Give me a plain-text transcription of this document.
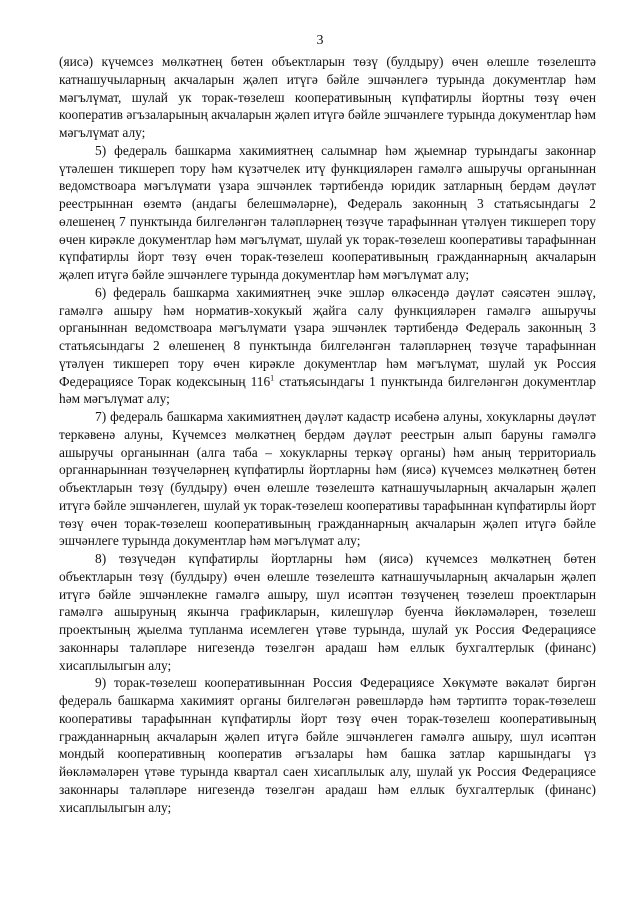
3

(яисә) күчемсез мөлкәтнең бөтен объектларын төзү (булдыру) өчен өлешле төзелештә катнашучыларның акчаларын җәлеп итүгә бәйле эшчәнлегә турында документлар һәм мәгълүмат, шулай ук торак-төзелеш кооперативының күпфатирлы йортны төзү өчен кооператив әгъзаларының акчаларын җәлеп итүгә бәйле эшчәнлеге турында документлар һәм мәгълүмат алу;

5) федераль башкарма хакимиятнең салымнар һәм җыемнар турындагы законнар үтәлешен тикшереп тору һәм күзәтчелек итү функцияләрен гамәлгә ашыручы органыннан ведомствоара мәгълүмати үзара эшчәнлек тәртибендә юридик затларның бердәм дәүләт реестрыннан өземтә (андагы белешмәләрне), Федераль законның 3 статьясындагы 2 өлешенең 7 пунктында билгеләнгән таләпләрнең төзүче тарафыннан үтәлүен тикшереп тору өчен кирәкле документлар һәм мәгълүмат, шулай ук торак-төзелеш кооперативы тарафыннан күпфатирлы йорт төзү өчен торак-төзелеш кооперативының гражданнарның акчаларын җәлеп итүгә бәйле эшчәнлеге турында документлар һәм мәгълүмат алу;

6) федераль башкарма хакимиятнең эчке эшләр өлкәсендә дәүләт сәясәтен эшләү, гамәлгә ашыру һәм норматив-хокукый җайга салу функцияләрен гамәлгә ашыручы органыннан ведомствоара мәгълүмати үзара эшчәнлек тәртибендә Федераль законның 3 статьясындагы 2 өлешенең 8 пунктында билгеләнгән таләпләрнең төзүче тарафыннан үтәлүен тикшереп тору өчен кирәкле документлар һәм мәгълүмат, шулай ук Россия Федерациясе Торак кодексының 116$^1$ статьясындагы 1 пунктында билгеләнгән документлар һәм мәгълүмат алу;

7) федераль башкарма хакимиятнең дәүләт кадастр исәбенә алуны, хокукларны дәүләт теркәвенә алуны, Күчемсез мөлкәтнең бердәм дәүләт реестрын алып баруны гамәлгә ашыручы органыннан (алга таба – хокукларны теркәү органы) һәм аның территориаль органнарыннан төзүчеләрнең күпфатирлы йортларны һәм (яисә) күчемсез мөлкәтнең бөтен объектларын төзү (булдыру) өчен өлешле төзелештә катнашучыларның акчаларын җәлеп итүгә бәйле эшчәнлеген, шулай ук торак-төзелеш кооперативы тарафыннан күпфатирлы йорт төзү өчен торак-төзелеш кооперативының гражданнарның акчаларын җәлеп итүгә бәйле эшчәнлеге турында документлар һәм мәгълүмат алу;

8) төзүчедән күпфатирлы йортларны һәм (яисә) күчемсез мөлкәтнең бөтен объектларын төзү (булдыру) өчен өлешле төзелештә катнашучыларның акчаларын җәлеп итүгә бәйле эшчәнлекне гамәлгә ашыру, шул исәптән төзүченең төзелеш проектларын гамәлгә ашыруның якынча графикларын, килешүләр буенча йөкләмәләрен, төзелеш проектының җыелма тупланма исемлеген үтәве турында, шулай ук Россия Федерациясе законнары таләпләре нигезендә төзелгән арадаш һәм еллык бухгалтерлык (финанс) хисаплылыгын алу;

9) торак-төзелеш кооперативыннан Россия Федерациясе Хөкүмәте вәкаләт биргән федераль башкарма хакимият органы билгеләгән рәвешләрдә һәм тәртиптә торак-төзелеш кооперативы тарафыннан күпфатирлы йорт төзү өчен торак-төзелеш кооперативының гражданнарның акчаларын җәлеп итүгә бәйле эшчәнлеген гамәлгә ашыру, шул исәптән мондый кооперативның кооператив әгъзалары һәм башка затлар каршындагы үз йөкләмәләрен үтәве турында квартал саен хисаплылык алу, шулай ук Россия Федерациясе законнары таләпләре нигезендә төзелгән арадаш һәм еллык бухгалтерлык (финанс) хисаплылыгын алу;
